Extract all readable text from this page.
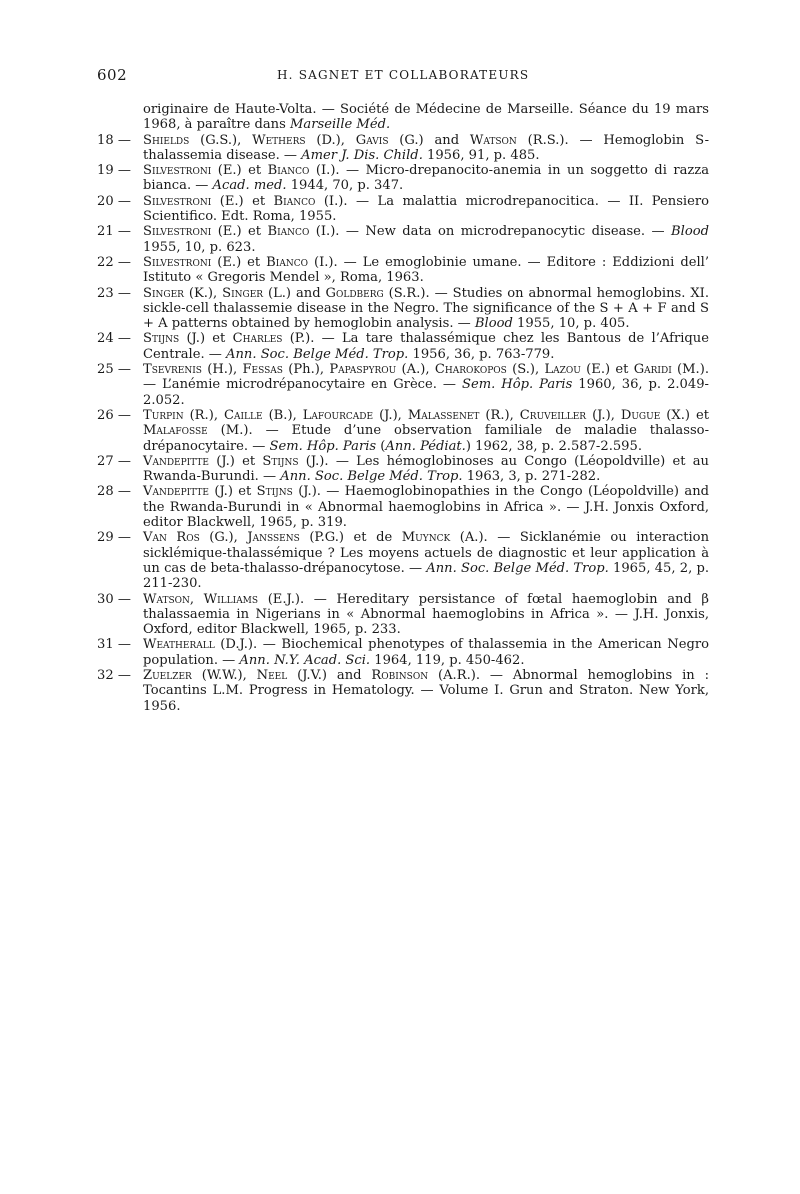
602	H. SAGNET ET COLLABORATEURS
originaire de Haute-Volta. — Société de Médecine de Marseille. Séance du 19 mars 1968, à paraître dans Marseille Méd.
18 — Shields (G.S.), Wethers (D.), Gavis (G.) and Watson (R.S.). — Hemoglobin S-thalassemia disease. — Amer J. Dis. Child. 1956, 91, p. 485.
19 — Silvestroni (E.) et Bianco (I.). — Micro-drepanocito-anemia in un soggetto di razza bianca. — Acad. med. 1944, 70, p. 347.
20 — Silvestroni (E.) et Bianco (I.). — La malattia microdrepanocitica. — II. Pensiero Scientifico. Edt. Roma, 1955.
21 — Silvestroni (E.) et Bianco (I.). — New data on microdrepanocytic disease. — Blood 1955, 10, p. 623.
22 — Silvestroni (E.) et Bianco (I.). — Le emoglobinie umane. — Editore : Eddizioni dell’ Istituto « Gregoris Mendel », Roma, 1963.
23 — Singer (K.), Singer (L.) and Goldberg (S.R.). — Studies on abnormal hemoglobins. XI. sickle-cell thalassemie disease in the Negro. The significance of the S + A + F and S + A patterns obtained by hemoglobin analysis. — Blood 1955, 10, p. 405.
24 — Stijns (J.) et Charles (P.). — La tare thalassémique chez les Bantous de l’Afrique Centrale. — Ann. Soc. Belge Méd. Trop. 1956, 36, p. 763-779.
25 — Tsevrenis (H.), Fessas (Ph.), Papaspyrou (A.), Charokopos (S.), Lazou (E.) et Garidi (M.). — L’anémie microdrépanocytaire en Grèce. — Sem. Hôp. Paris 1960, 36, p. 2.049-2.052.
26 — Turpin (R.), Caille (B.), Lafourcade (J.), Malassenet (R.), Cruveiller (J.), Dugue (X.) et Malafosse (M.). — Etude d’une observation familiale de maladie thalasso-drépanocytaire. — Sem. Hôp. Paris (Ann. Pédiat.) 1962, 38, p. 2.587-2.595.
27 — Vandepitte (J.) et Stijns (J.). — Les hémoglobinoses au Congo (Léopoldville) et au Rwanda-Burundi. — Ann. Soc. Belge Méd. Trop. 1963, 3, p. 271-282.
28 — Vandepitte (J.) et Stijns (J.). — Haemoglobinopathies in the Congo (Léopoldville) and the Rwanda-Burundi in « Abnormal haemoglobins in Africa ». — J.H. Jonxis Oxford, editor Blackwell, 1965, p. 319.
29 — Van Ros (G.), Janssens (P.G.) et de Muynck (A.). — Sicklanémie ou interaction sicklémique-thalassémique ? Les moyens actuels de diagnostic et leur application à un cas de beta-thalasso-drépanocytose. — Ann. Soc. Belge Méd. Trop. 1965, 45, 2, p. 211-230.
30 — Watson, Williams (E.J.). — Hereditary persistance of fœtal haemoglobin and β thalassaemia in Nigerians in « Abnormal haemoglobins in Africa ». — J.H. Jonxis, Oxford, editor Blackwell, 1965, p. 233.
31 — Weatherall (D.J.). — Biochemical phenotypes of thalassemia in the American Negro population. — Ann. N.Y. Acad. Sci. 1964, 119, p. 450-462.
32 — Zuelzer (W.W.), Neel (J.V.) and Robinson (A.R.). — Abnormal hemoglobins in : Tocantins L.M. Progress in Hematology. — Volume I. Grun and Straton. New York, 1956.
